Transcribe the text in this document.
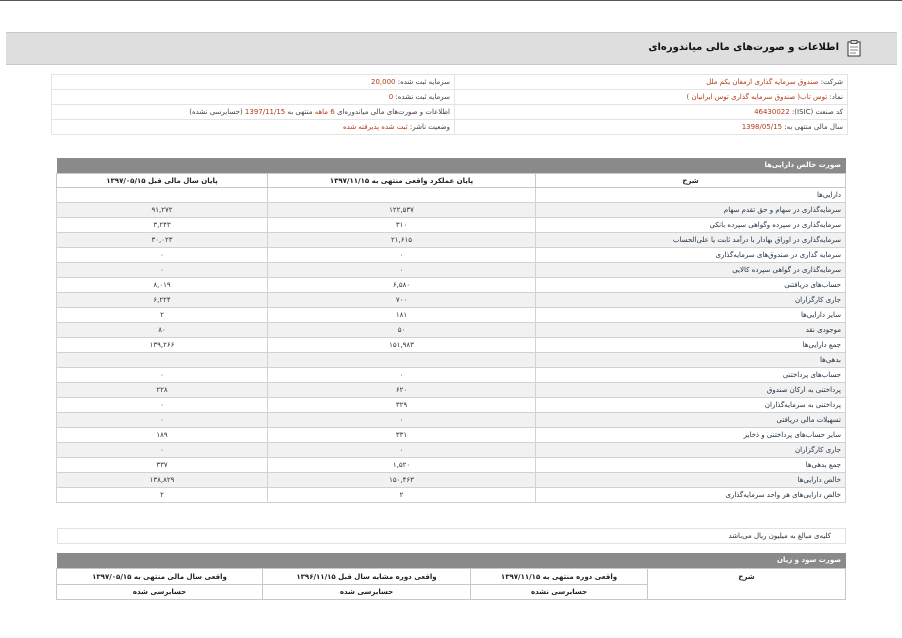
اطلاعات و صورت‌های مالی میاندوره‌ای
شرکت: صندوق سرمایه گذاری ارمغان یکم ملل	سرمایه ثبت شده: 20,000
نماد: توس تاب( صندوق سرمايه گذاری توس ايرانيان )	سرمایه ثبت نشده: 0
کد صنعت (ISIC): 46430022	اطلاعات و صورت‌های مالی میاندوره‌ای 6 ماهه منتهی به 1397/11/15 (حسابرسی نشده)
سال مالی منتهی به: 1398/05/15	وضعیت ناشر: ثبت شده پذیرفته شده
صورت خالص دارایی‌ها
شرح	پایان عملکرد واقعی منتهی به ۱۳۹۷/۱۱/۱۵	پایان سال مالی قبل ۱۳۹۷/۰۵/۱۵
دارایی‌ها		
سرمایه‌گذاری در سهام و حق تقدم سهام	۱۲۲,۵۳۷	۹۱,۲۷۲
سرمایه‌گذاری در سپرده وگواهی سپرده بانکی	۳۱۰	۳,۲۴۳
سرمایه‌گذاری در اوراق بهادار با درآمد ثابت یا علی‌الحساب	۲۱,۶۱۵	۳۰,۰۲۳
سرمایه گذاری در صندوق‌های سرمایه‌گذاری	۰	۰
سرمایه‌گذاری در گواهی سپرده کالایی	۰	۰
حساب‌های دریافتنی	۶,۵۸۰	۸,۰۱۹
جاری کارگزاران	۷۰۰	۶,۲۲۴
سایر دارایی‌ها	۱۸۱	۲
موجودی نقد	۵۰	۸۰
جمع دارایی‌ها	۱۵۱,۹۸۳	۱۳۹,۲۶۶
بدهی‌ها		
حساب‌های پرداختنی	۰	۰
پرداختنی به ارکان صندوق	۶۲۰	۲۲۸
پرداختنی به سرمایه‌گذاران	۳۲۹	۰
تسهیلات مالی دریافتی	۰	۰
سایر حساب‌های پرداختنی و ذخایر	۳۳۱	۱۸۹
جاری کارگزاران	۰	۰
جمع بدهی‌ها	۱,۵۲۰	۳۳۷
خالص دارایی‌ها	۱۵۰,۴۶۳	۱۳۸,۸۲۹
خالص دارایی‌های هر واحد سرمایه‌گذاری	۲	۲
کلیه‌ی مبالغ به میلیون ریال می‌باشد
صورت سود و زیان
شرح	واقعی دوره منتهی به ۱۳۹۷/۱۱/۱۵	واقعی دوره مشابه سال قبل ۱۳۹۶/۱۱/۱۵	واقعی سال مالی منتهی به ۱۳۹۷/۰۵/۱۵
	حسابرسی نشده	حسابرسی شده	حسابرسی شده
